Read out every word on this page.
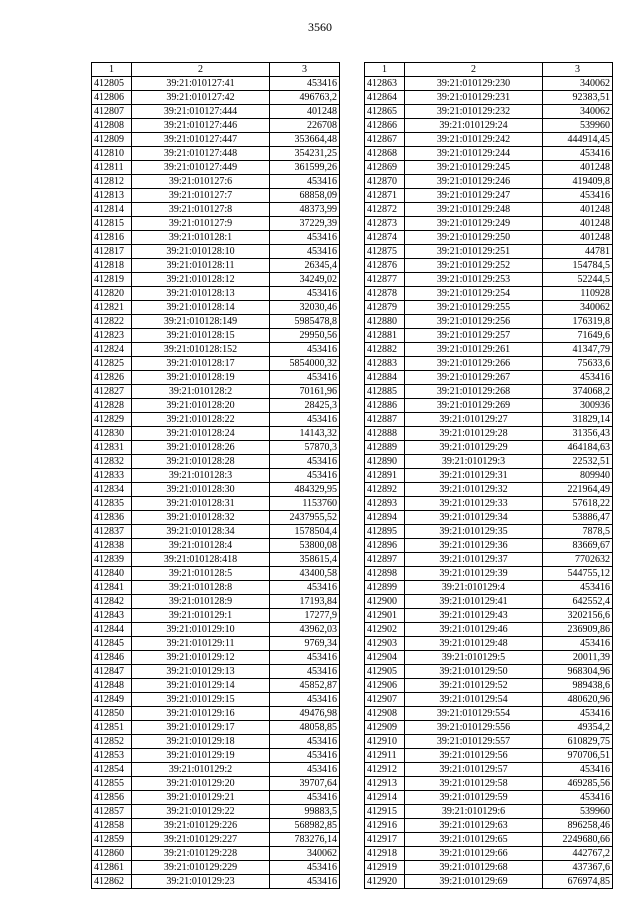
3560
1	2	3
412805	39:21:010127:41	453416
412806	39:21:010127:42	496763,2
412807	39:21:010127:444	401248
412808	39:21:010127:446	226708
412809	39:21:010127:447	353664,48
412810	39:21:010127:448	354231,25
412811	39:21:010127:449	361599,26
412812	39:21:010127:6	453416
412813	39:21:010127:7	68858,09
412814	39:21:010127:8	48373,99
412815	39:21:010127:9	37229,39
412816	39:21:010128:1	453416
412817	39:21:010128:10	453416
412818	39:21:010128:11	26345,4
412819	39:21:010128:12	34249,02
412820	39:21:010128:13	453416
412821	39:21:010128:14	32030,46
412822	39:21:010128:149	5985478,8
412823	39:21:010128:15	29950,56
412824	39:21:010128:152	453416
412825	39:21:010128:17	5854000,32
412826	39:21:010128:19	453416
412827	39:21:010128:2	70161,96
412828	39:21:010128:20	28425,3
412829	39:21:010128:22	453416
412830	39:21:010128:24	14143,32
412831	39:21:010128:26	57870,3
412832	39:21:010128:28	453416
412833	39:21:010128:3	453416
412834	39:21:010128:30	484329,95
412835	39:21:010128:31	1153760
412836	39:21:010128:32	2437955,52
412837	39:21:010128:34	1578504,4
412838	39:21:010128:4	53800,08
412839	39:21:010128:418	358615,4
412840	39:21:010128:5	43400,58
412841	39:21:010128:8	453416
412842	39:21:010128:9	17193,84
412843	39:21:010129:1	17277,9
412844	39:21:010129:10	43962,03
412845	39:21:010129:11	9769,34
412846	39:21:010129:12	453416
412847	39:21:010129:13	453416
412848	39:21:010129:14	45852,87
412849	39:21:010129:15	453416
412850	39:21:010129:16	49476,98
412851	39:21:010129:17	48058,85
412852	39:21:010129:18	453416
412853	39:21:010129:19	453416
412854	39:21:010129:2	453416
412855	39:21:010129:20	39707,64
412856	39:21:010129:21	453416
412857	39:21:010129:22	99883,5
412858	39:21:010129:226	568982,85
412859	39:21:010129:227	783276,14
412860	39:21:010129:228	340062
412861	39:21:010129:229	453416
412862	39:21:010129:23	453416
1	2	3
412863	39:21:010129:230	340062
412864	39:21:010129:231	92383,51
412865	39:21:010129:232	340062
412866	39:21:010129:24	539960
412867	39:21:010129:242	444914,45
412868	39:21:010129:244	453416
412869	39:21:010129:245	401248
412870	39:21:010129:246	419409,8
412871	39:21:010129:247	453416
412872	39:21:010129:248	401248
412873	39:21:010129:249	401248
412874	39:21:010129:250	401248
412875	39:21:010129:251	44781
412876	39:21:010129:252	154784,5
412877	39:21:010129:253	52244,5
412878	39:21:010129:254	110928
412879	39:21:010129:255	340062
412880	39:21:010129:256	176319,8
412881	39:21:010129:257	71649,6
412882	39:21:010129:261	41347,79
412883	39:21:010129:266	75633,6
412884	39:21:010129:267	453416
412885	39:21:010129:268	374068,2
412886	39:21:010129:269	300936
412887	39:21:010129:27	31829,14
412888	39:21:010129:28	31356,43
412889	39:21:010129:29	464184,63
412890	39:21:010129:3	22532,51
412891	39:21:010129:31	809940
412892	39:21:010129:32	221964,49
412893	39:21:010129:33	57618,22
412894	39:21:010129:34	53886,47
412895	39:21:010129:35	7878,5
412896	39:21:010129:36	83669,67
412897	39:21:010129:37	7702632
412898	39:21:010129:39	544755,12
412899	39:21:010129:4	453416
412900	39:21:010129:41	642552,4
412901	39:21:010129:43	3202156,6
412902	39:21:010129:46	236909,86
412903	39:21:010129:48	453416
412904	39:21:010129:5	20011,39
412905	39:21:010129:50	968304,96
412906	39:21:010129:52	989438,6
412907	39:21:010129:54	480620,96
412908	39:21:010129:554	453416
412909	39:21:010129:556	49354,2
412910	39:21:010129:557	610829,75
412911	39:21:010129:56	970706,51
412912	39:21:010129:57	453416
412913	39:21:010129:58	469285,56
412914	39:21:010129:59	453416
412915	39:21:010129:6	539960
412916	39:21:010129:63	896258,46
412917	39:21:010129:65	2249680,66
412918	39:21:010129:66	442767,2
412919	39:21:010129:68	437367,6
412920	39:21:010129:69	676974,85
